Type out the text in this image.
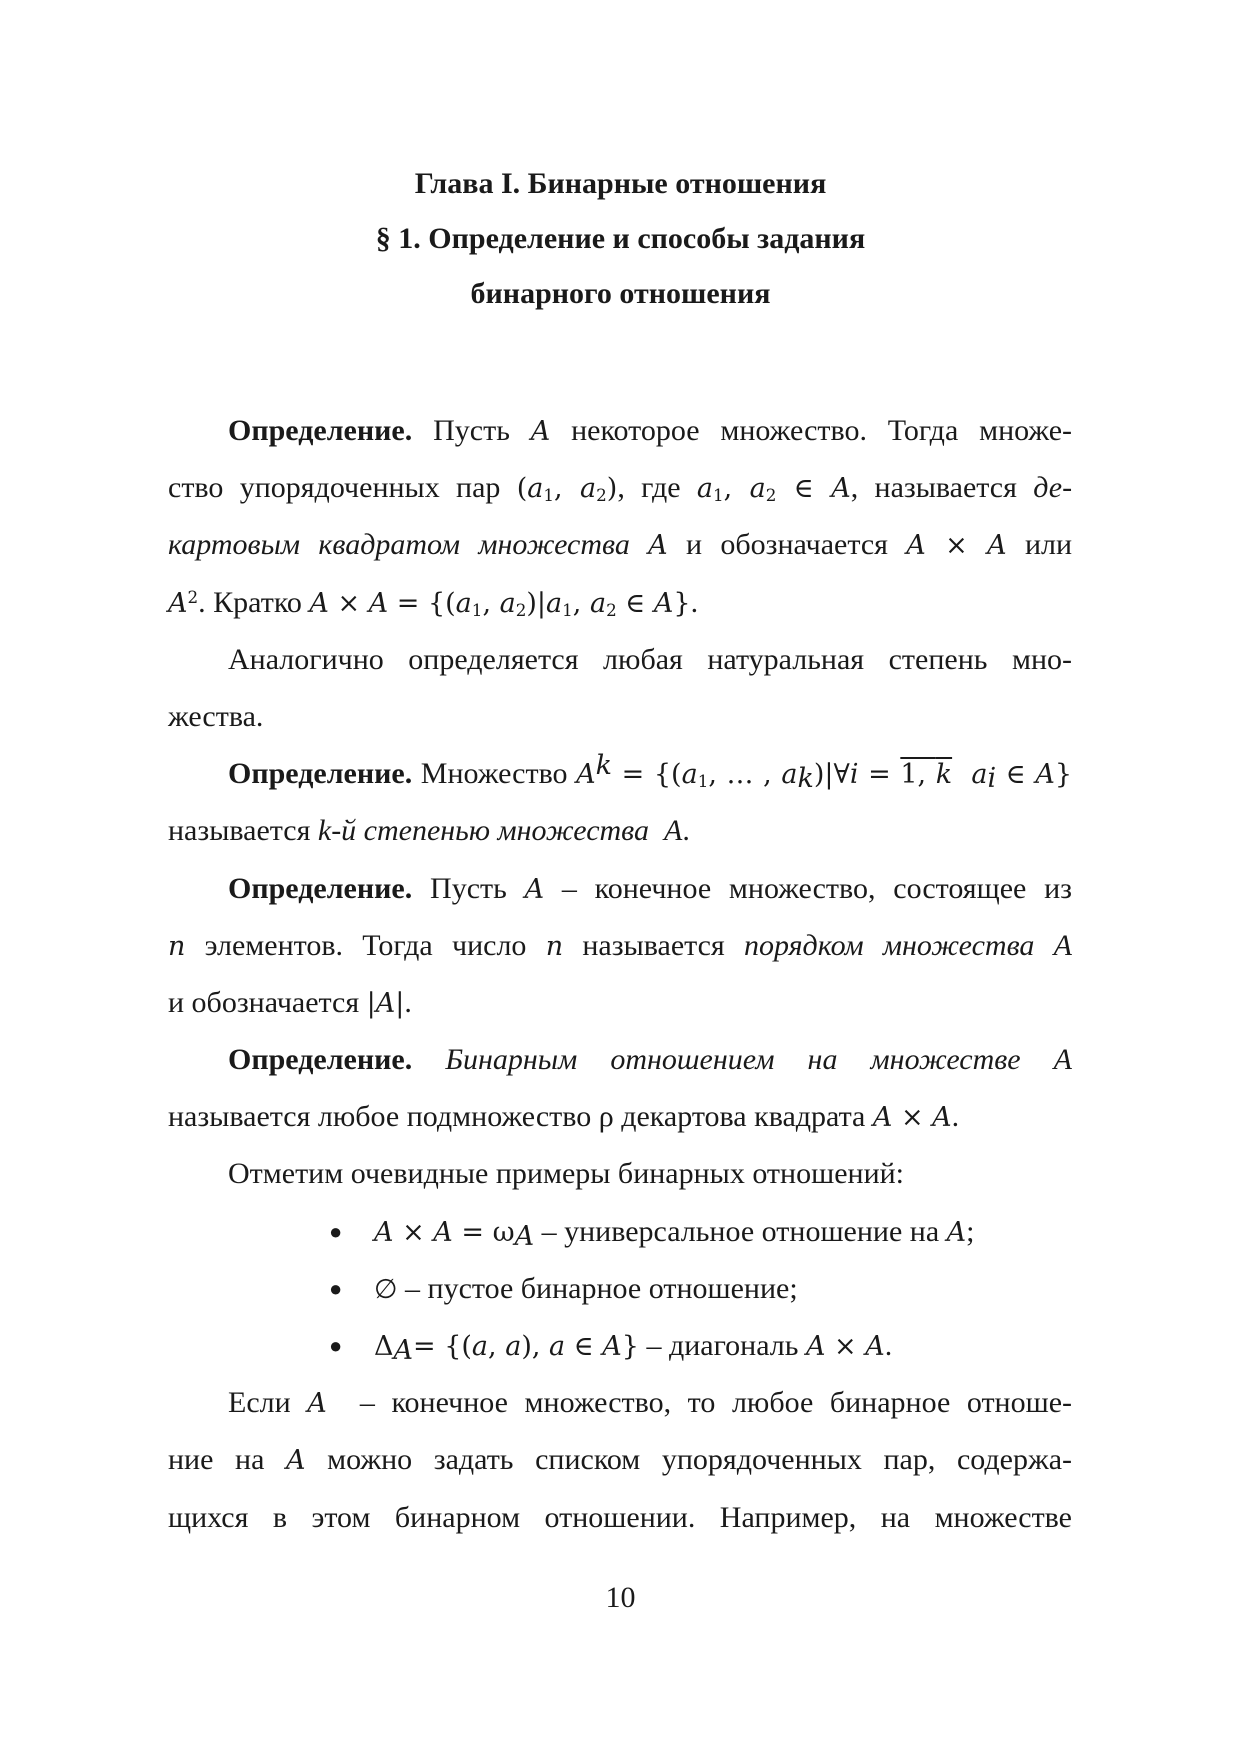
Глава I. Бинарные отношения

§ 1. Определение и способы задания

бинарного отношения

Определение. Пусть A некоторое множество. Тогда множе-
ство упорядоченных пар ($a_1$, $a_2$), где $a_1$, $a_2$ ∈ A, называется де-
картовым квадратом множества A и обозначается A × A или
$A^2$. Кратко $A \times A = \{(a_1$, $a_2)|a_1$, $a_2$ ∈ A}.
Аналогично определяется любая натуральная степень мно-
жества.
Определение. Множество $A^k = \{(a_1$, … , $a_k)|\forall i = 1$, k $a_i$ ∈ A}
называется k-й степенью множества A.
Определение. Пусть A – конечное множество, состоящее из
n элементов. Тогда число n называется порядком множества A
и обозначается |A|.
Определение. Бинарным отношением на множестве A
называется любое подмножество ρ декартова квадрата A × A.
Отметим очевидные примеры бинарных отношений:
● $A \times A = \omega_A$ – универсальное отношение на A;
● ∅ – пустое бинарное отношение;
● $\Delta_A= \{(a$, a), a ∈ A} – диагональ A × A.
Если A – конечное множество, то любое бинарное отноше-
ние на A можно задать списком упорядоченных пар, содержа-
щихся в этом бинарном отношении. Например, на множестве
10
